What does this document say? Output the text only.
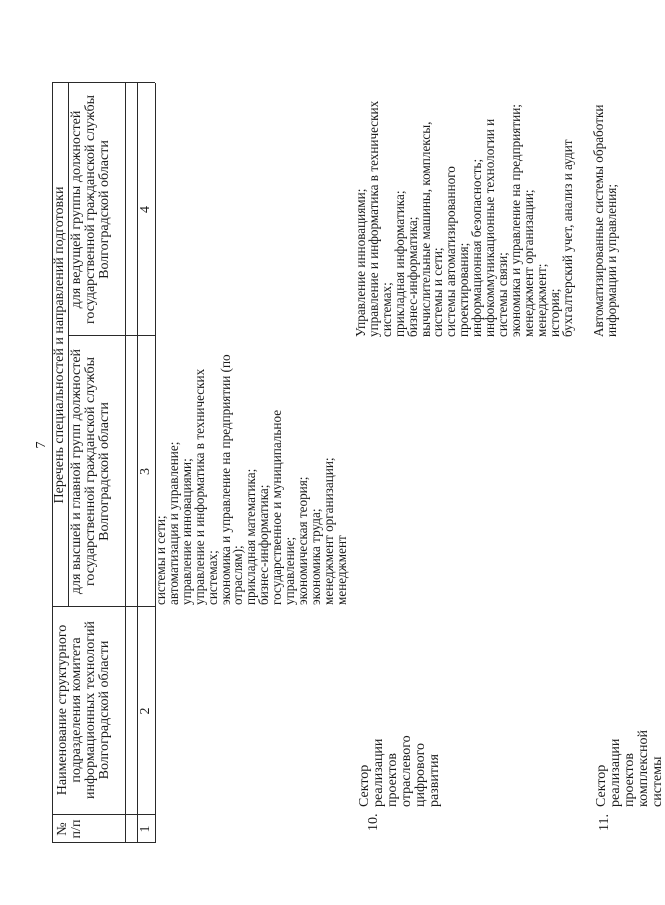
7
№
п/п
Наименование структурного подразделения комитета информационных технологий Волгоградской области
Перечень специальностей и направлений подготовки для высшей и главной групп должностей государственной гражданской службы Волгоградской области
для ведущей группы должностей государственной гражданской службы Волгоградской области
1
2
3
4
системы и сети;
автоматизация и управление;
управление инновациями;
управление и информатика в технических системах;
экономика и управление на предприятии (по отраслям);
прикладная математика;
бизнес-информатика;
государственное и муниципальное управление;
экономическая теория;
экономика труда;
менеджмент организации;
менеджмент
10.
Сектор реализации проектов
отраслевого цифрового развития
Управление инновациями;
управление и информатика в технических системах;
прикладная информатика;
бизнес-информатика;
вычислительные машины, комплексы, системы и сети;
системы автоматизированного проектирования;
информационная безопасность;
инфокоммуникационные технологии и системы связи;
экономика и управление на предприятии;
менеджмент организации;
менеджмент;
история;
бухгалтерский учет, анализ и аудит
11.
Сектор реализации проектов комплексной системы
Автоматизированные системы обработки информации и управления;
